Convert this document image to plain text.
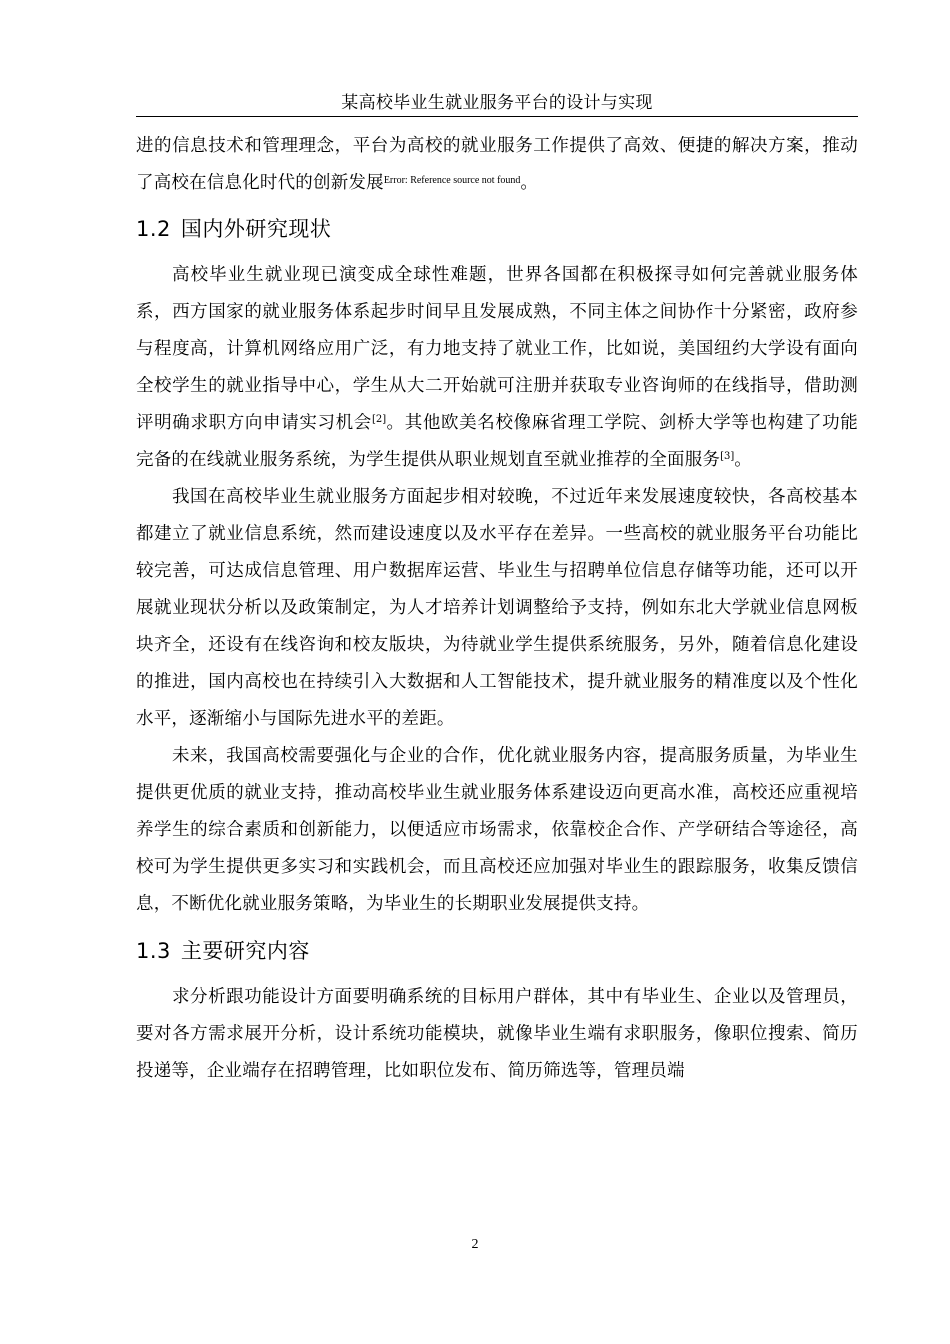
某高校毕业生就业服务平台的设计与实现

进的信息技术和管理理念，平台为高校的就业服务工作提供了高效、便捷的解决方案，推动了高校在信息化时代的创新发展$^{Error: Reference source not found}$。

1.2 国内外研究现状

高校毕业生就业现已演变成全球性难题，世界各国都在积极探寻如何完善就业服务体系，西方国家的就业服务体系起步时间早且发展成熟，不同主体之间协作十分紧密，政府参与程度高，计算机网络应用广泛，有力地支持了就业工作，比如说，美国纽约大学设有面向全校学生的就业指导中心，学生从大二开始就可注册并获取专业咨询师的在线指导，借助测评明确求职方向申请实习机会[2]。其他欧美名校像麻省理工学院、剑桥大学等也构建了功能完备的在线就业服务系统，为学生提供从职业规划直至就业推荐的全面服务[3]。

我国在高校毕业生就业服务方面起步相对较晚，不过近年来发展速度较快，各高校基本都建立了就业信息系统，然而建设速度以及水平存在差异。一些高校的就业服务平台功能比较完善，可达成信息管理、用户数据库运营、毕业生与招聘单位信息存储等功能，还可以开展就业现状分析以及政策制定，为人才培养计划调整给予支持，例如东北大学就业信息网板块齐全，还设有在线咨询和校友版块，为待就业学生提供系统服务，另外，随着信息化建设的推进，国内高校也在持续引入大数据和人工智能技术，提升就业服务的精准度以及个性化水平，逐渐缩小与国际先进水平的差距。

未来，我国高校需要强化与企业的合作，优化就业服务内容，提高服务质量，为毕业生提供更优质的就业支持，推动高校毕业生就业服务体系建设迈向更高水准，高校还应重视培养学生的综合素质和创新能力，以便适应市场需求，依靠校企合作、产学研结合等途径，高校可为学生提供更多实习和实践机会，而且高校还应加强对毕业生的跟踪服务，收集反馈信息，不断优化就业服务策略，为毕业生的长期职业发展提供支持。

1.3 主要研究内容

求分析跟功能设计方面要明确系统的目标用户群体，其中有毕业生、企业以及管理员，要对各方需求展开分析，设计系统功能模块，就像毕业生端有求职服务，像职位搜索、简历投递等，企业端存在招聘管理，比如职位发布、简历筛选等，管理员端

2
